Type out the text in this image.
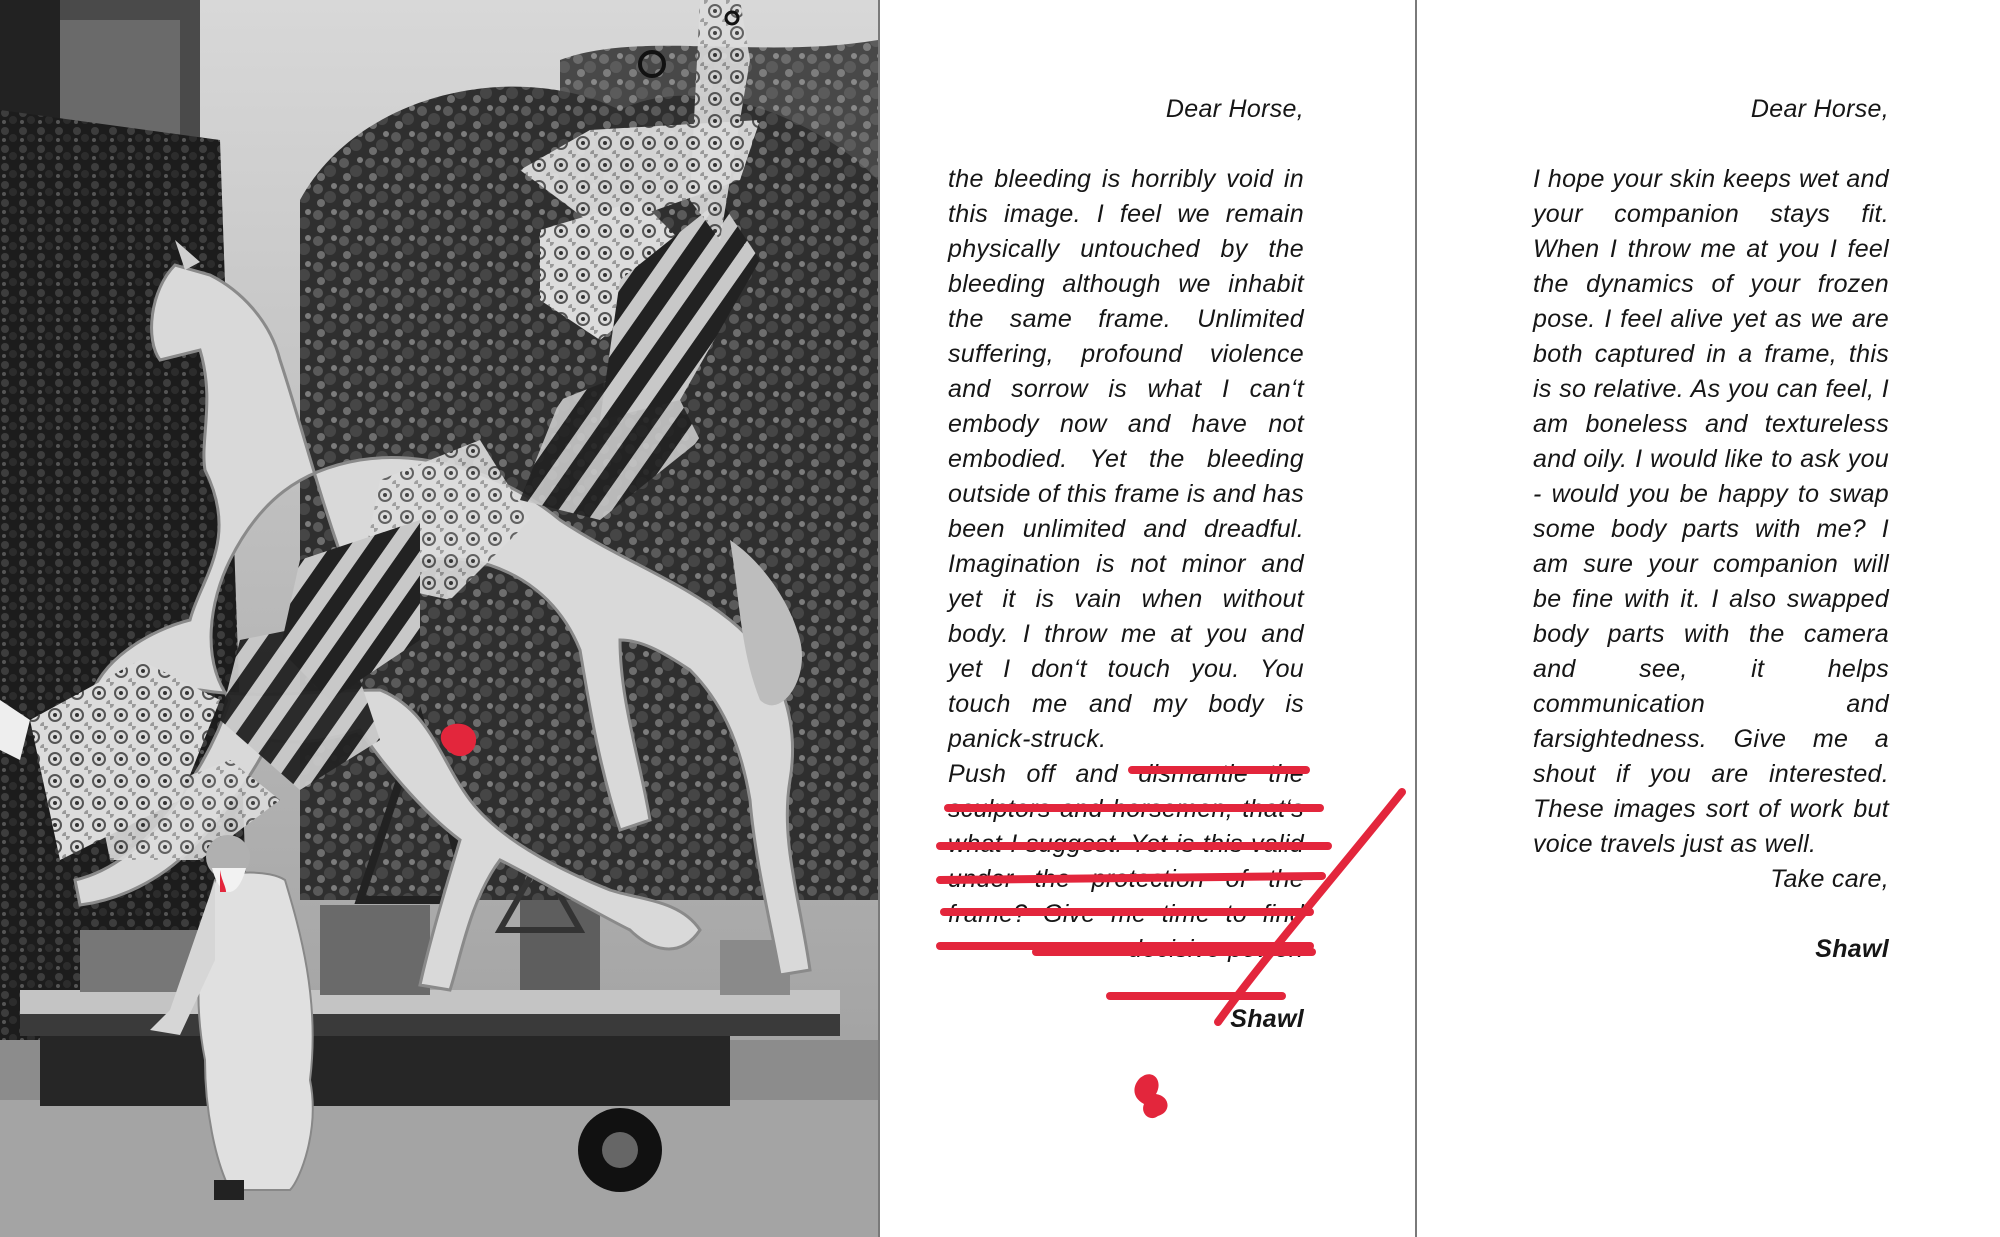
Dear Horse,

the bleeding is horribly void in this image. I feel we remain physically untouched by the bleeding although we inhabit the same frame. Unlimited suffering, profound violence and sorrow is what I can‘t embody now and have not embodied. Yet the bleeding outside of this frame is and has been unlimited and dreadful. Imagination is not minor and yet it is vain when without body. I throw me at you and yet I don‘t touch you. You touch me and my body is panick-struck.

Push off and dismantle the sculptors and horsemen, that‘s what I suggest. Yet is this valid under the protection of the frame? Give me time to find decisive power.

Shawl
Dear Horse,

I hope your skin keeps wet and your companion stays fit. When I throw me at you I feel the dynamics of your frozen pose. I feel alive yet as we are both captured in a frame, this is so relative. As you can feel, I am boneless and textureless and oily. I would like to ask you - would you be happy to swap some body parts with me? I am sure your companion will be fine with it. I also swapped body parts with the camera and see, it helps communication and farsightedness. Give me a shout if you are interested. These images sort of work but voice travels just as well.

Take care,
Shawl
